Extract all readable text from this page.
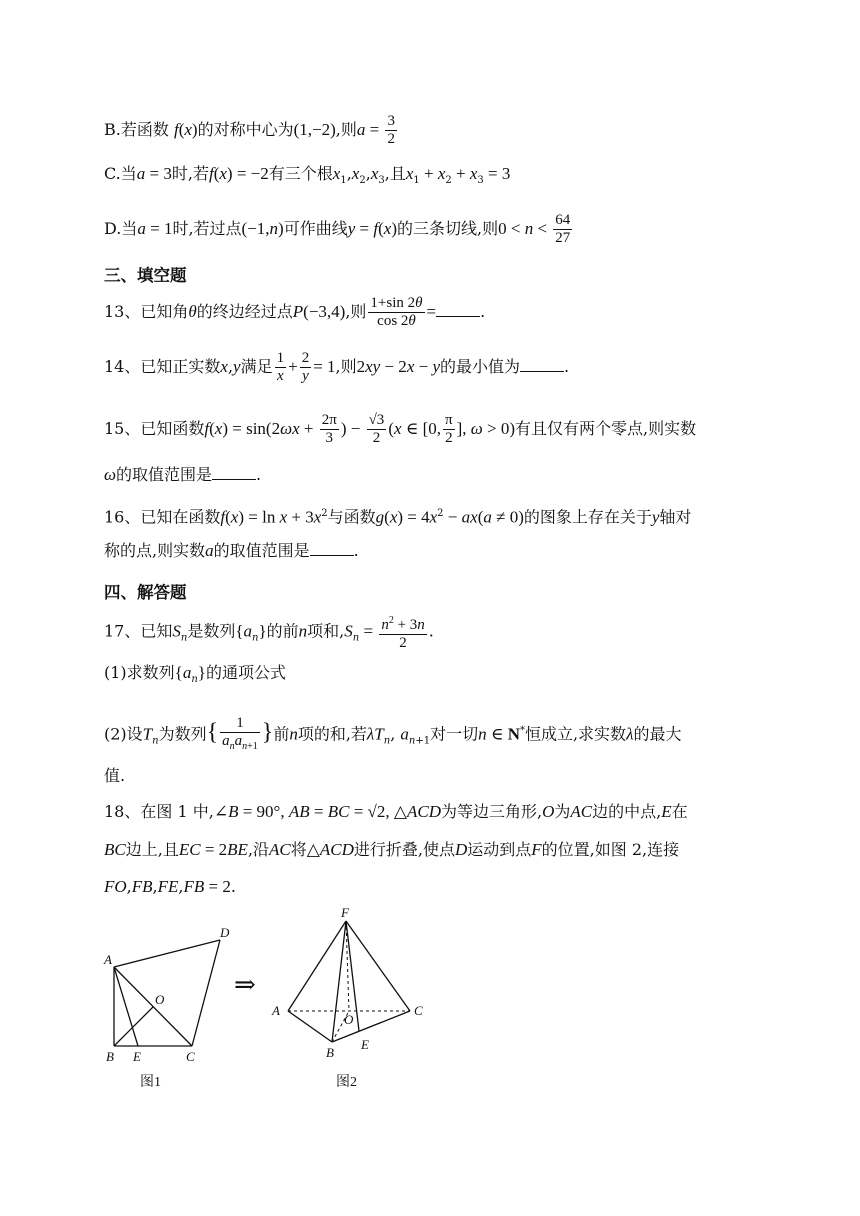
B.若函数 f(x)的对称中心为(1,−2),则$a = \frac{3}{2}$
C.当a = 3时,若f(x) = −2有三个根$x_1,x_2,x_3$,且$x_1 + x_2 + x_3 = 3$
D.当a = 1时,若过点(−1,n)可作曲线y = f(x)的三条切线,则$0 < n < \frac{64}{27}$
三、填空题
13、已知角θ的终边经过点P(−3,4),则 $\frac{1+\sin 2\theta}{\cos 2\theta}$ =	.
14、已知正实数x,y满足 $\frac{1}{x} + \frac{2}{y} = 1$,则2xy − 2x − y的最小值为	.
15、已知函数$f(x) = \sin(2\omega x + \frac{2\pi}{3}$ ) − $\frac{√3}{2} (x$ ∈ [0, $\frac{\pi}{2}$ ], ω > 0)有且仅有两个零点,则实数
ω的取值范围是	.
16、已知在函数$f(x) = \ln x + 3x^2$与函数$g(x) = 4x^2 - ax(a \ne 0)$的图象上存在关于y轴对
称的点,则实数a的取值范围是	.
四、解答题
17、已知$S_n$是数列$\{a_n\}$的前n项和$,S_n = \frac{n^2 + 3n}{2}$ .
(1)求数列$\{a_n\}$的通项公式
(2)设$T_n$为数列{ $\frac{1}{a_na_{n+1}}$ }前n项的和,若$\lambda T_n$, $a_{n+1}$对一切n ∈ N*恒成立,求实数λ的最大
值.
18、在图 1 中,∠B = 90°, AB = BC = √2, △ACD为等边三角形,O为AC边的中点,E在
BC边上,且EC = 2BE,沿AC将△ACD进行折叠,使点D运动到点F的位置,如图 2,连接
FO,FB,FE,FB = 2.
A
D
O
B E	C
图1
⇒
F
A	C
O
E
B
图2
